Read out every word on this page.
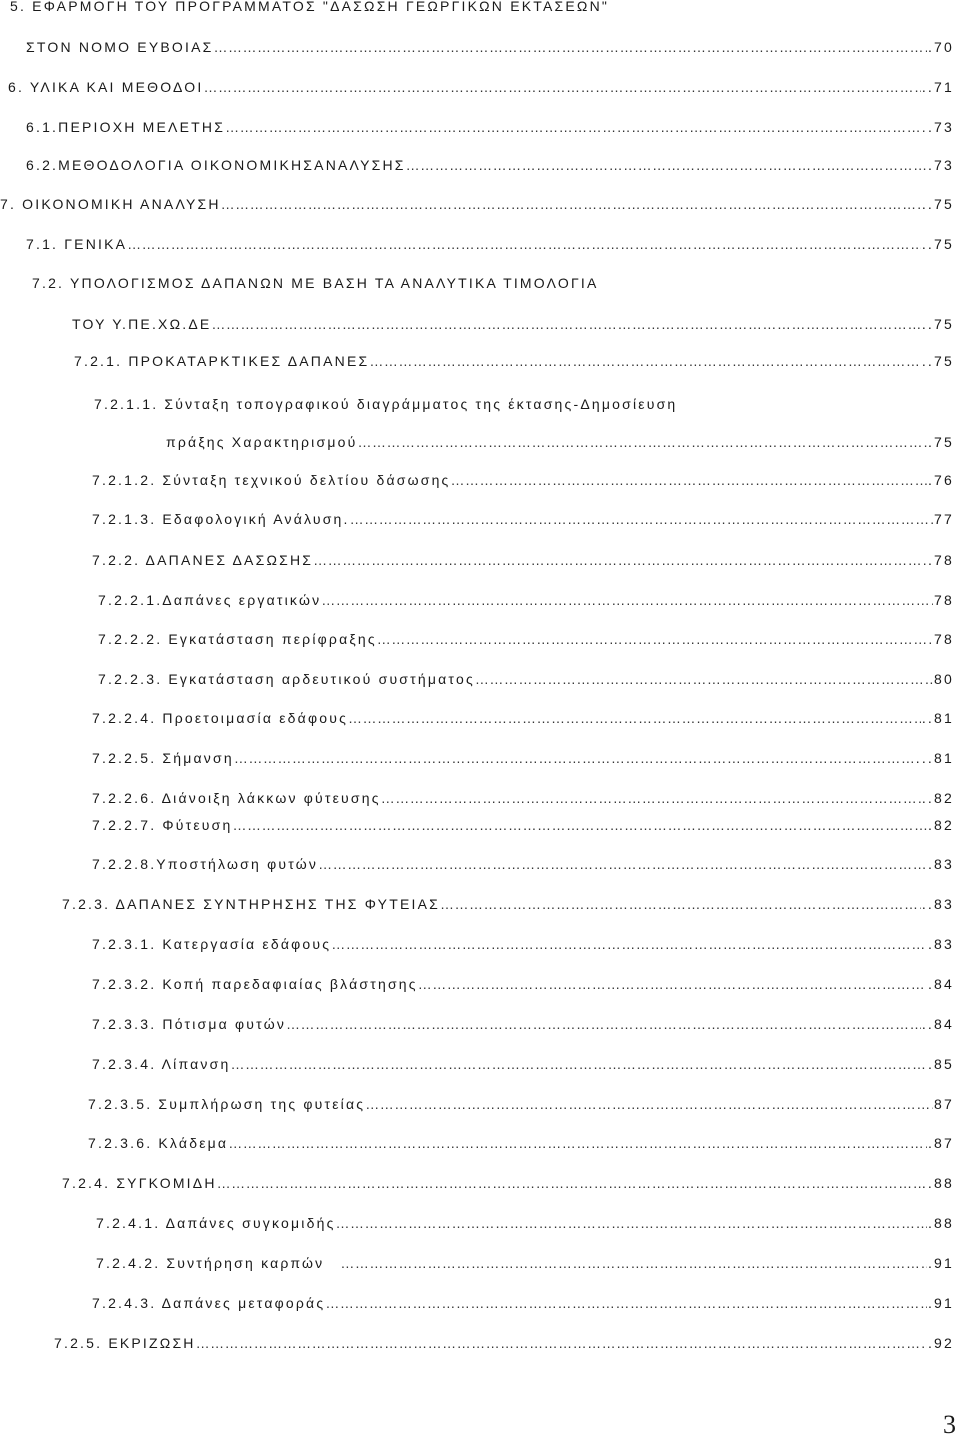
5. ΕΦΑΡΜΟΓΗ ΤΟΥ ΠΡΟΓΡΑΜΜΑΤΟΣ "ΔΑΣΩΣΗ ΓΕΩΡΓΙΚΩΝ ΕΚΤΑΣΕΩΝ"
ΣΤΟΝ ΝΟΜΟ ΕΥΒΟΙΑΣ …………………………………………………………………………………………………………………………………………………………………………………………………………………………………………	.70
6. ΥΛΙΚΑ ΚΑΙ ΜΕΘΟΔΟΙ …………………………………………………………………………………………………………………………………………………………………………………………………………………………………………	..71
6.1.ΠΕΡΙΟΧΗ ΜΕΛΕΤΗΣ …………………………………………………………………………………………………………………………………………………………………………………………………………………………………………	.73
6.2.ΜΕΘΟΔΟΛΟΓΙΑ ΟΙΚΟΝΟΜΙΚΗΣΑΝΑΛΥΣΗΣ …………………………………………………………………………………………………………………………………………………………………………………………………………………………………………	.73
7. ΟΙΚΟΝΟΜΙΚΗ ΑΝΑΛΥΣΗ …………………………………………………………………………………………………………………………………………………………………………………………………………………………………………	..75
7.1. ΓΕΝΙΚΑ …………………………………………………………………………………………………………………………………………………………………………………………………………………………………………	..75
7.2. ΥΠΟΛΟΓΙΣΜΟΣ ΔΑΠΑΝΩΝ ΜΕ ΒΑΣΗ ΤΑ ΑΝΑΛΥΤΙΚΑ ΤΙΜΟΛΟΓΙΑ
ΤΟΥ Υ.ΠΕ.ΧΩ.ΔΕ …………………………………………………………………………………………………………………………………………………………………………………………………………………………………………	..75
7.2.1. ΠΡΟΚΑΤΑΡΚΤΙΚΕΣ ΔΑΠΑΝΕΣ …………………………………………………………………………………………………………………………………………………………………………………………………………………………………………	..75
7.2.1.1. Σύνταξη τοπογραφικού διαγράμματος της έκτασης-Δημοσίευση
πράξης Χαρακτηρισμού …………………………………………………………………………………………………………………………………………………………………………………………………………………………………………	.75
7.2.1.2. Σύνταξη τεχνικού δελτίου δάσωσης …………………………………………………………………………………………………………………………………………………………………………………………………………………………………………	.76
7.2.1.3. Εδαφολογική Ανάλυση. …………………………………………………………………………………………………………………………………………………………………………………………………………………………………………	77
7.2.2. ΔΑΠΑΝΕΣ ΔΑΣΩΣΗΣ …………………………………………………………………………………………………………………………………………………………………………………………………………………………………………	.78
7.2.2.1.Δαπάνες εργατικών …………………………………………………………………………………………………………………………………………………………………………………………………………………………………………	78
7.2.2.2. Εγκατάσταση περίφραξης …………………………………………………………………………………………………………………………………………………………………………………………………………………………………………	78
7.2.2.3. Εγκατάσταση αρδευτικού συστήματος …………………………………………………………………………………………………………………………………………………………………………………………………………………………………………	80
7.2.2.4. Προετοιμασία εδάφους …………………………………………………………………………………………………………………………………………………………………………………………………………………………………………	..81
7.2.2.5. Σήμανση …………………………………………………………………………………………………………………………………………………………………………………………………………………………………………	...81
7.2.2.6. Διάνοιξη λάκκων φύτευσης …………………………………………………………………………………………………………………………………………………………………………………………………………………………………………	..82
7.2.2.7. Φύτευση …………………………………………………………………………………………………………………………………………………………………………………………………………………………………………	.82
7.2.2.8.Υποστήλωση φυτών …………………………………………………………………………………………………………………………………………………………………………………………………………………………………………	.83
7.2.3. ΔΑΠΑΝΕΣ ΣΥΝΤΗΡΗΣΗΣ ΤΗΣ ΦΥΤΕΙΑΣ …………………………………………………………………………………………………………………………………………………………………………………………………………………………………………	..83
7.2.3.1. Κατεργασία εδάφους …………………………………………………………………………………………………………………………………………………………………………………………………………………………………………	.83
7.2.3.2. Κοπή παρεδαφιαίας βλάστησης …………………………………………………………………………………………………………………………………………………………………………………………………………………………………………	.84
7.2.3.3. Πότισμα φυτών …………………………………………………………………………………………………………………………………………………………………………………………………………………………………………	..84
7.2.3.4. Λίπανση …………………………………………………………………………………………………………………………………………………………………………………………………………………………………………	.85
7.2.3.5. Συμπλήρωση της φυτείας …………………………………………………………………………………………………………………………………………………………………………………………………………………………………………	87
7.2.3.6. Κλάδεμα …………………………………………………………………………………………………………………………………………………………………………………………………………………………………………	.87
7.2.4. ΣΥΓΚΟΜΙΔΗ …………………………………………………………………………………………………………………………………………………………………………………………………………………………………………	..88
7.2.4.1. Δαπάνες συγκομιδής …………………………………………………………………………………………………………………………………………………………………………………………………………………………………………	.88
7.2.4.2. Συντήρηση καρπών …………………………………………………………………………………………………………………………………………………………………………………………………………………………………………	.91
7.2.4.3. Δαπάνες μεταφοράς …………………………………………………………………………………………………………………………………………………………………………………………………………………………………………	.91
7.2.5. ΕΚΡΙΖΩΣΗ …………………………………………………………………………………………………………………………………………………………………………………………………………………………………………	.92
3
